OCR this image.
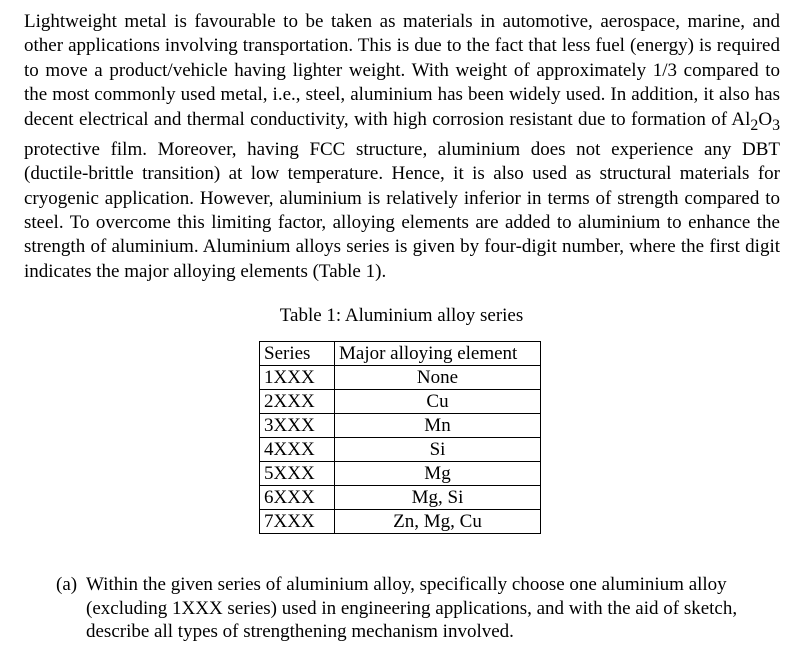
Lightweight metal is favourable to be taken as materials in automotive, aerospace, marine, and other applications involving transportation. This is due to the fact that less fuel (energy) is required to move a product/vehicle having lighter weight. With weight of approximately 1/3 compared to the most commonly used metal, i.e., steel, aluminium has been widely used. In addition, it also has decent electrical and thermal conductivity, with high corrosion resistant due to formation of $Al_2O_3$ protective film. Moreover, having FCC structure, aluminium does not experience any DBT (ductile-brittle transition) at low temperature. Hence, it is also used as structural materials for cryogenic application. However, aluminium is relatively inferior in terms of strength compared to steel. To overcome this limiting factor, alloying elements are added to aluminium to enhance the strength of aluminium. Aluminium alloys series is given by four-digit number, where the first digit indicates the major alloying elements (Table 1).

Table 1: Aluminium alloy series

Series	Major alloying element
1XXX	None
2XXX	Cu
3XXX	Mn
4XXX	Si
5XXX	Mg
6XXX	Mg, Si
7XXX	Zn, Mg, Cu
(a) Within the given series of aluminium alloy, specifically choose one aluminium alloy (excluding 1XXX series) used in engineering applications, and with the aid of sketch, describe all types of strengthening mechanism involved.
